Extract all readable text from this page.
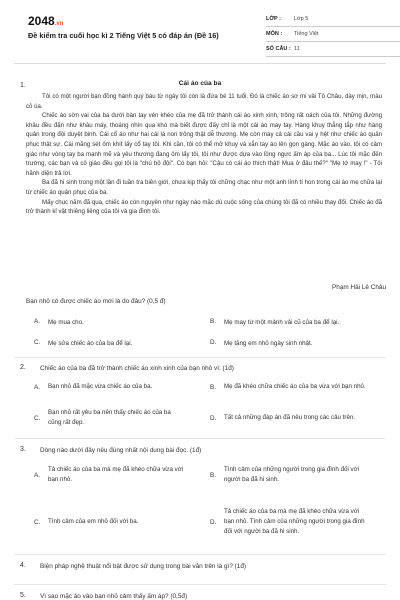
2048.vn
Đề kiểm tra cuối học kì 2 Tiếng Việt 5 có đáp án (Đề 16)
LỚP :	Lớp 5
MÔN :	Tiếng Việt
SỐ CÂU : 11
1.	Cái áo của ba

Tôi có một người bạn đồng hành quý báu từ ngày tôi còn là đứa bé 11 tuổi. Đó là chiếc áo sơ mi vải Tô Châu, dày mịn, màu cỏ úa.

Chiếc áo sờn vai của ba dưới bàn tay vén khéo của mẹ đã trở thành cái áo xinh xinh, trông rất oách của tôi. Những đường khâu đều đặn như khâu máy, thoáng nhìn qua khó mà biết được đấy chỉ là một cái áo may tay. Hàng khuy thẳng tắp như hàng quân trong đội duyệt binh. Cái cổ áo như hai cái lá non trông thật dễ thương. Mẹ còn may cả cái cầu vai y hệt như chiếc áo quân phục thật sự. Cái măng sét ôm khít lấy cổ tay tôi. Khi cần, tôi có thể mở khuy và xắn tay áo lên gọn gàng. Mặc áo vào, tôi có cảm giác như vòng tay ba mạnh mẽ và yêu thương đang ôm lấy tôi, tôi như được dựa vào lồng ngực ấm áp của ba... Lúc tôi mặc đến trường, các bạn và cô giáo đều gọi tôi là "chú bộ đội". Có bạn hỏi: "Cậu có cái áo thích thật! Mua ở đâu thế?" "Mẹ tớ may !" - Tôi hãnh diện trả lời.

Ba đã hi sinh trong một lần đi tuần tra biên giới, chưa kịp thấy tôi chững chạc như một anh lính tí hon trong cái áo mẹ chữa lại từ chiếc áo quân phục của ba.

Mấy chục năm đã qua, chiếc áo còn nguyên như ngày nào mặc dù cuộc sống của chúng tôi đã có nhiều thay đổi. Chiếc áo đã trở thành kỉ vật thiêng liêng của tôi và gia đình tôi.

Phạm Hải Lê Châu
Bạn nhỏ có được chiếc áo mới là do đâu? (0,5 đ)
A.	Mẹ mua cho.	B.	Mẹ may từ một mảnh vải cũ của ba để lại.
C.	Mẹ sửa chiếc áo của ba để lại.	D.	Mẹ tặng em nhỏ ngày sinh nhật.
2. Chiếc áo của ba đã trở thành chiếc áo xinh xinh của bạn nhỏ vì: (1đ)
A.	Bạn nhỏ đã mặc vừa chiếc áo của ba.	B.	Mẹ đã khéo chữa chiếc áo của ba vừa với bạn nhỏ.
C.
Bạn nhỏ rất yêu ba nên thấy chiếc áo của ba cũng rất đẹp.
D.	Tất cả những đáp án đã nêu trong các câu trên.
3. Dòng nào dưới đây nêu đúng nhất nội dung bài đọc. (1đ)
A.
Tả chiếc áo của ba mà mẹ đã khéo chữa vừa với bạn nhỏ.
B.
Tình cảm của những người trong gia đình đối với người ba đã hi sinh.
C.	Tình cảm của em nhỏ đối với ba.	D.
Tả chiếc áo của ba mà mẹ đã khéo chữa vừa với bạn nhỏ. Tình cảm của những người trong gia đình đối với người ba đã hi sinh.
4. Biện pháp nghệ thuật nổi bật được sử dụng trong bài văn trên là gì? (1đ)
5. Vì sao mặc áo vào bạn nhỏ cảm thấy ấm áp? (0,5đ)
